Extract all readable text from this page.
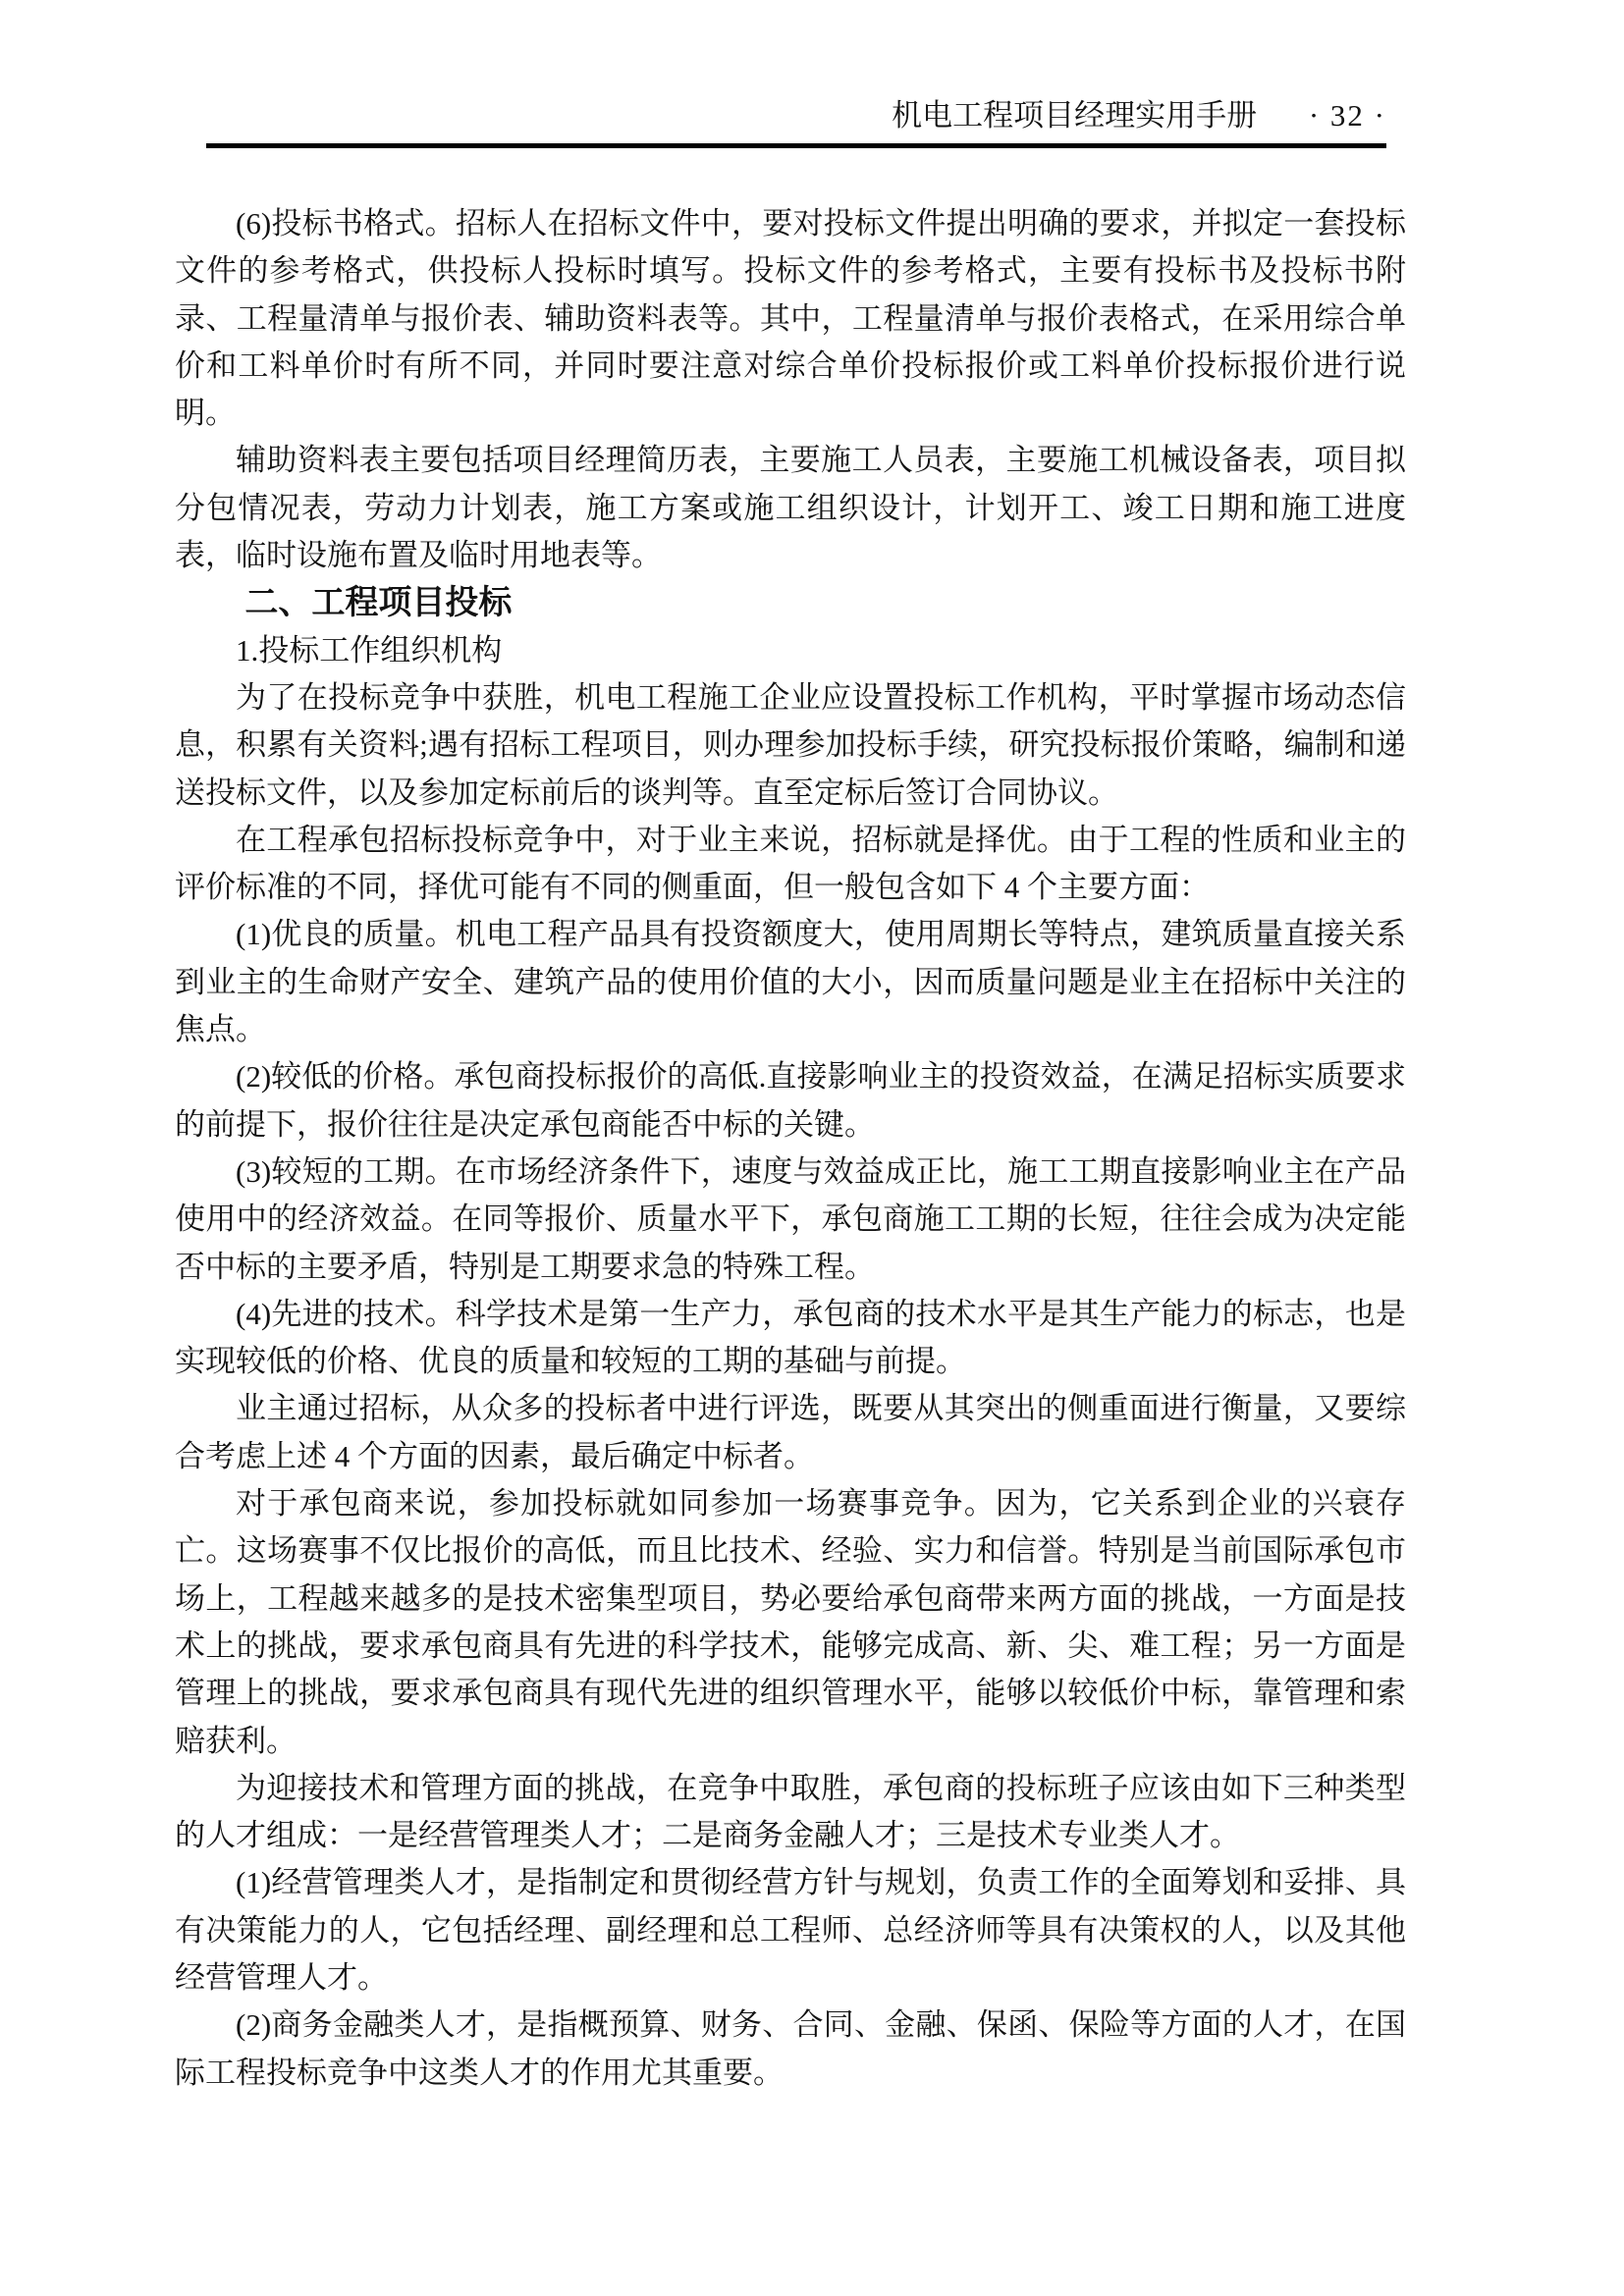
机电工程项目经理实用手册 · 32 ·
(6)投标书格式。招标人在招标文件中，要对投标文件提出明确的要求，并拟定一套投标文件的参考格式，供投标人投标时填写。投标文件的参考格式，主要有投标书及投标书附录、工程量清单与报价表、辅助资料表等。其中，工程量清单与报价表格式，在采用综合单价和工料单价时有所不同，并同时要注意对综合单价投标报价或工料单价投标报价进行说明。
辅助资料表主要包括项目经理简历表，主要施工人员表，主要施工机械设备表，项目拟分包情况表，劳动力计划表，施工方案或施工组织设计，计划开工、竣工日期和施工进度表，临时设施布置及临时用地表等。
二、工程项目投标
1.投标工作组织机构
为了在投标竞争中获胜，机电工程施工企业应设置投标工作机构，平时掌握市场动态信息，积累有关资料;遇有招标工程项目，则办理参加投标手续，研究投标报价策略，编制和递送投标文件，以及参加定标前后的谈判等。直至定标后签订合同协议。
在工程承包招标投标竞争中，对于业主来说，招标就是择优。由于工程的性质和业主的评价标准的不同，择优可能有不同的侧重面，但一般包含如下 4 个主要方面：
(1)优良的质量。机电工程产品具有投资额度大，使用周期长等特点，建筑质量直接关系到业主的生命财产安全、建筑产品的使用价值的大小，因而质量问题是业主在招标中关注的焦点。
(2)较低的价格。承包商投标报价的高低.直接影响业主的投资效益，在满足招标实质要求的前提下，报价往往是决定承包商能否中标的关键。
(3)较短的工期。在市场经济条件下，速度与效益成正比，施工工期直接影响业主在产品使用中的经济效益。在同等报价、质量水平下，承包商施工工期的长短，往往会成为决定能否中标的主要矛盾，特别是工期要求急的特殊工程。
(4)先进的技术。科学技术是第一生产力，承包商的技术水平是其生产能力的标志，也是实现较低的价格、优良的质量和较短的工期的基础与前提。
业主通过招标，从众多的投标者中进行评选，既要从其突出的侧重面进行衡量，又要综合考虑上述 4 个方面的因素，最后确定中标者。
对于承包商来说，参加投标就如同参加一场赛事竞争。因为，它关系到企业的兴衰存亡。这场赛事不仅比报价的高低，而且比技术、经验、实力和信誉。特别是当前国际承包市场上，工程越来越多的是技术密集型项目，势必要给承包商带来两方面的挑战，一方面是技术上的挑战，要求承包商具有先进的科学技术，能够完成高、新、尖、难工程；另一方面是管理上的挑战，要求承包商具有现代先进的组织管理水平，能够以较低价中标，靠管理和索赔获利。
为迎接技术和管理方面的挑战，在竞争中取胜，承包商的投标班子应该由如下三种类型的人才组成：一是经营管理类人才；二是商务金融人才；三是技术专业类人才。
(1)经营管理类人才，是指制定和贯彻经营方针与规划，负责工作的全面筹划和妥排、具有决策能力的人，它包括经理、副经理和总工程师、总经济师等具有决策权的人，以及其他经营管理人才。
(2)商务金融类人才，是指概预算、财务、合同、金融、保函、保险等方面的人才，在国际工程投标竞争中这类人才的作用尤其重要。
